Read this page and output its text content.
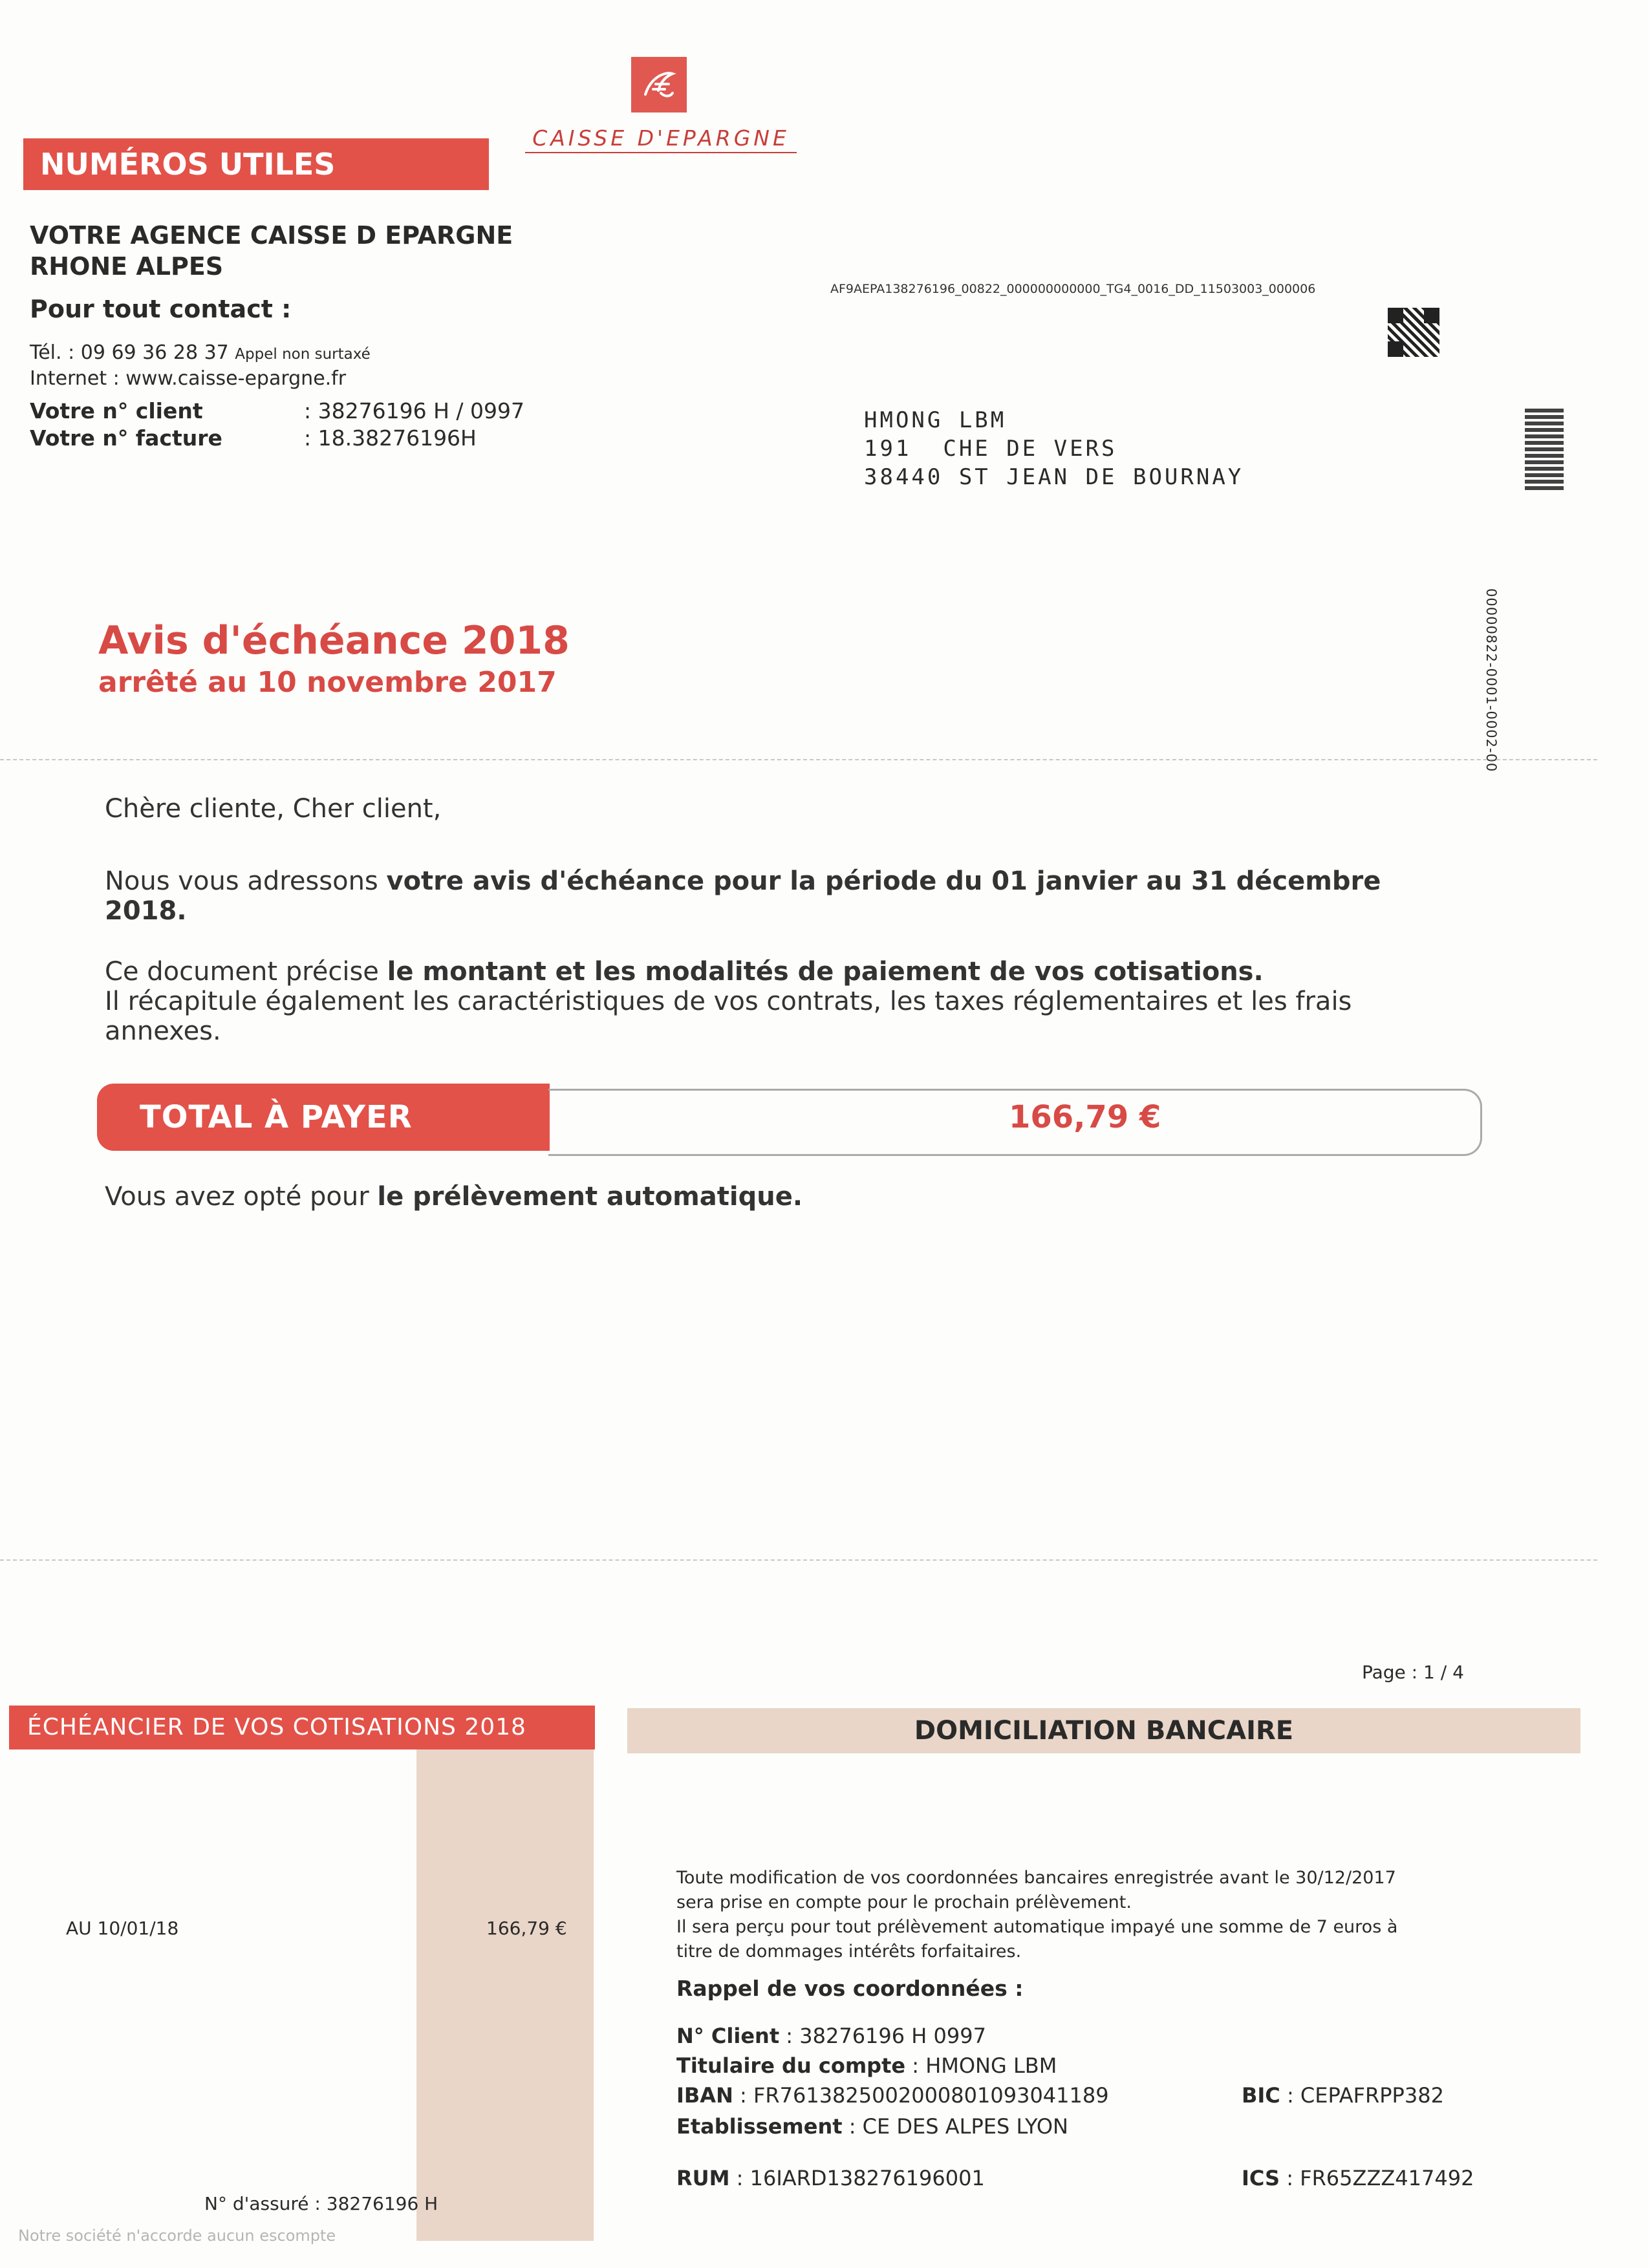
CAISSE D'EPARGNE
NUMÉROS UTILES
VOTRE AGENCE CAISSE D EPARGNE
RHONE ALPES
Pour tout contact :
Tél. : 09 69 36 28 37 Appel non surtaxé
Internet : www.caisse-epargne.fr
Votre n° client	: 38276196 H / 0997
Votre n° facture	: 18.38276196H
AF9AEPA138276196_00822_000000000000_TG4_0016_DD_11503003_000006
00000822-0001-0002-00
HMONG LBM
191  CHE DE VERS
38440 ST JEAN DE BOURNAY
Avis d'échéance 2018
arrêté au 10 novembre 2017
Chère cliente, Cher client,
Nous vous adressons votre avis d'échéance pour la période du 01 janvier au 31 décembre 2018.
Ce document précise le montant et les modalités de paiement de vos cotisations.
Il récapitule également les caractéristiques de vos contrats, les taxes réglementaires et les frais annexes.
TOTAL À PAYER	166,79 €
Vous avez opté pour le prélèvement automatique.
Page : 1 / 4
ÉCHÉANCIER DE VOS COTISATIONS 2018
AU 10/01/18	166,79 €
N° d'assuré : 38276196 H
Notre société n'accorde aucun escompte
DOMICILIATION BANCAIRE
Toute modification de vos coordonnées bancaires enregistrée avant le 30/12/2017
sera prise en compte pour le prochain prélèvement.
Il sera perçu pour tout prélèvement automatique impayé une somme de 7 euros à
titre de dommages intérêts forfaitaires.
Rappel de vos coordonnées :
N° Client : 38276196 H 0997
Titulaire du compte : HMONG LBM
IBAN : FR7613825002000801093041189	BIC : CEPAFRPP382
Etablissement : CE DES ALPES LYON
RUM : 16IARD138276196001	ICS : FR65ZZZ417492
